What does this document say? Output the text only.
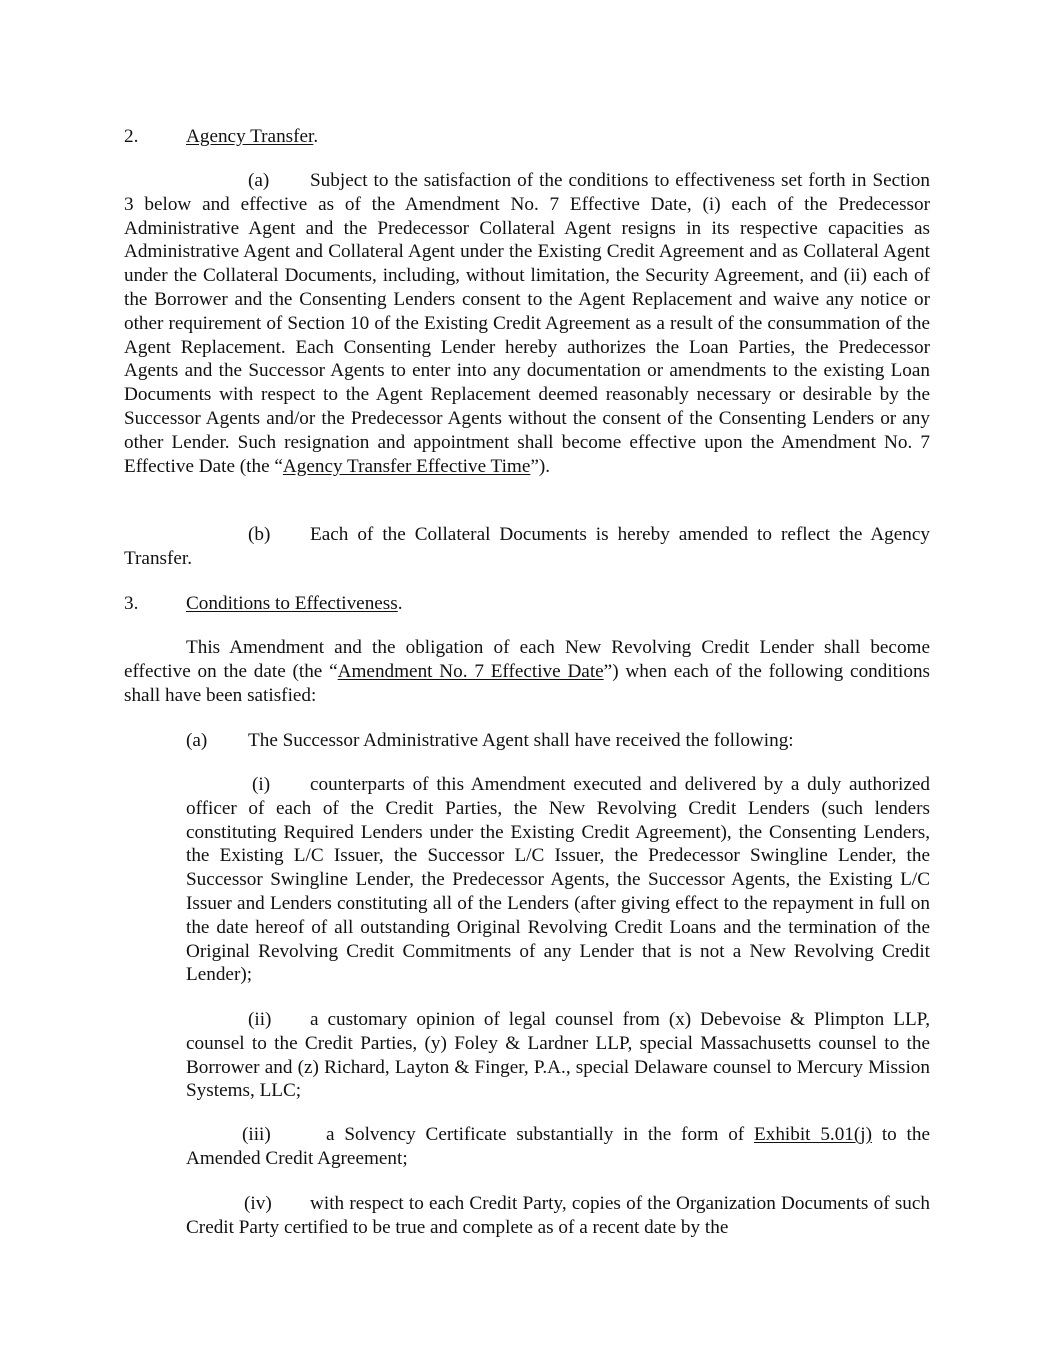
2. Agency Transfer.

(a) Subject to the satisfaction of the conditions to effectiveness set forth in Section 3 below and effective as of the Amendment No. 7 Effective Date, (i) each of the Predecessor Administrative Agent and the Predecessor Collateral Agent resigns in its respective capacities as Administrative Agent and Collateral Agent under the Existing Credit Agreement and as Collateral Agent under the Collateral Documents, including, without limitation, the Security Agreement, and (ii) each of the Borrower and the Consenting Lenders consent to the Agent Replacement and waive any notice or other requirement of Section 10 of the Existing Credit Agreement as a result of the consummation of the Agent Replacement. Each Consenting Lender hereby authorizes the Loan Parties, the Predecessor Agents and the Successor Agents to enter into any documentation or amendments to the existing Loan Documents with respect to the Agent Replacement deemed reasonably necessary or desirable by the Successor Agents and/or the Predecessor Agents without the consent of the Consenting Lenders or any other Lender. Such resignation and appointment shall become effective upon the Amendment No. 7 Effective Date (the “Agency Transfer Effective Time”).

(b) Each of the Collateral Documents is hereby amended to reflect the Agency Transfer.

3. Conditions to Effectiveness.

This Amendment and the obligation of each New Revolving Credit Lender shall become effective on the date (the “Amendment No. 7 Effective Date”) when each of the following conditions shall have been satisfied:

(a) The Successor Administrative Agent shall have received the following:

(i) counterparts of this Amendment executed and delivered by a duly authorized officer of each of the Credit Parties, the New Revolving Credit Lenders (such lenders constituting Required Lenders under the Existing Credit Agreement), the Consenting Lenders, the Existing L/C Issuer, the Successor L/C Issuer, the Predecessor Swingline Lender, the Successor Swingline Lender, the Predecessor Agents, the Successor Agents, the Existing L/C Issuer and Lenders constituting all of the Lenders (after giving effect to the repayment in full on the date hereof of all outstanding Original Revolving Credit Loans and the termination of the Original Revolving Credit Commitments of any Lender that is not a New Revolving Credit Lender);

(ii) a customary opinion of legal counsel from (x) Debevoise & Plimpton LLP, counsel to the Credit Parties, (y) Foley & Lardner LLP, special Massachusetts counsel to the Borrower and (z) Richard, Layton & Finger, P.A., special Delaware counsel to Mercury Mission Systems, LLC;

(iii)	a Solvency Certificate substantially in the form of Exhibit 5.01(j) to the Amended Credit Agreement;

(iv) with respect to each Credit Party, copies of the Organization Documents of such Credit Party certified to be true and complete as of a recent date by the
